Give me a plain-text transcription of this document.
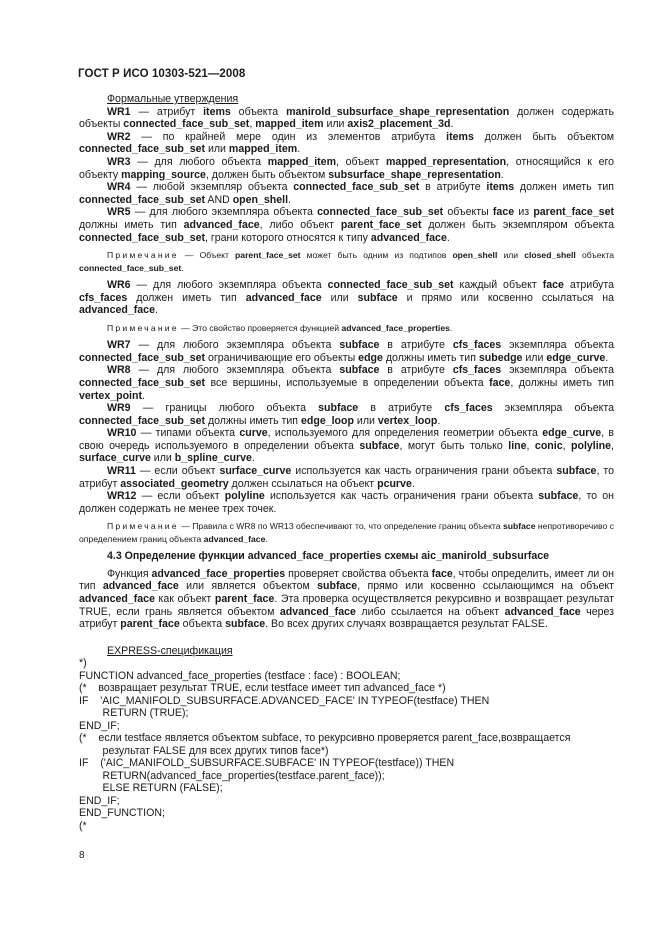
ГОСТ Р ИСО 10303-521—2008

Формальные утверждения

WR1 — атрибут items объекта manirold_subsurface_shape_representation должен содержать объекты connected_face_sub_set, mapped_item или axis2_placement_3d.

WR2 — по крайней мере один из элементов атрибута items должен быть объектом connected_face_sub_set или mapped_item.

WR3 — для любого объекта mapped_item, объект mapped_representation, относящийся к его объекту mapping_source, должен быть объектом subsurface_shape_representation.

WR4 — любой экземпляр объекта connected_face_sub_set в атрибуте items должен иметь тип connected_face_sub_set AND open_shell.

WR5 — для любого экземпляра объекта connected_face_sub_set объекты face из parent_face_set должны иметь тип advanced_face, либо объект parent_face_set должен быть экземпляром объекта connected_face_sub_set, грани которого относятся к типу advanced_face.

Примечание — Объект parent_face_set может быть одним из подтипов open_shell или closed_shell объекта connected_face_sub_set.

WR6 — для любого экземпляра объекта connected_face_sub_set каждый объект face атрибута cfs_faces должен иметь тип advanced_face или subface и прямо или косвенно ссылаться на advanced_face.

Примечание — Это свойство проверяется функцией advanced_face_properties.

WR7 — для любого экземпляра объекта subface в атрибуте cfs_faces экземпляра объекта connected_face_sub_set ограничивающие его объекты edge должны иметь тип subedge или edge_curve.

WR8 — для любого экземпляра объекта subface в атрибуте cfs_faces экземпляра объекта connected_face_sub_set все вершины, используемые в определении объекта face, должны иметь тип vertex_point.

WR9 — границы любого объекта subface в атрибуте cfs_faces экземпляра объекта connected_face_sub_set должны иметь тип edge_loop или vertex_loop.

WR10 — типами объекта curve, используемого для определения геометрии объекта edge_curve, в свою очередь используемого в определении объекта subface, могут быть только line, conic, polyline, surface_curve или b_spline_curve.

WR11 — если объект surface_curve используется как часть ограничения грани объекта subface, то атрибут associated_geometry должен ссылаться на объект pcurve.

WR12 — если объект polyline используется как часть ограничения грани объекта subface, то он должен содержать не менее трех точек.

Примечание — Правила с WR8 по WR13 обеспечивают то, что определение границ объекта subface непротиворечиво с определением границ объекта advanced_face.

4.3 Определение функции advanced_face_properties схемы aic_manirold_subsurface

Функция advanced_face_properties проверяет свойства объекта face, чтобы определить, имеет ли он тип advanced_face или является объектом subface, прямо или косвенно ссылающимся на объект advanced_face как объект parent_face. Эта проверка осуществляется рекурсивно и возвращает результат TRUE, если грань является объектом advanced_face либо ссылается на объект advanced_face через атрибут parent_face объекта subface. Во всех других случаях возвращается результат FALSE.

EXPRESS-спецификация

*)

FUNCTION advanced_face_properties (testface : face) : BOOLEAN;

(*    возвращает результат TRUE, если testface имеет тип advanced_face *)

IF    'AIC_MANIFOLD_SUBSURFACE.ADVANCED_FACE' IN TYPEOF(testface) THEN

RETURN (TRUE);

END_IF;

(*    если testface является объектом subface, то рекурсивно проверяется parent_face,возвращается

результат FALSE для всех других типов face*)

IF    ('AIC_MANIFOLD_SUBSURFACE.SUBFACE' IN TYPEOF(testface)) THEN

RETURN(advanced_face_properties(testface.parent_face));

ELSE RETURN (FALSE);

END_IF;

END_FUNCTION;

(*

8
